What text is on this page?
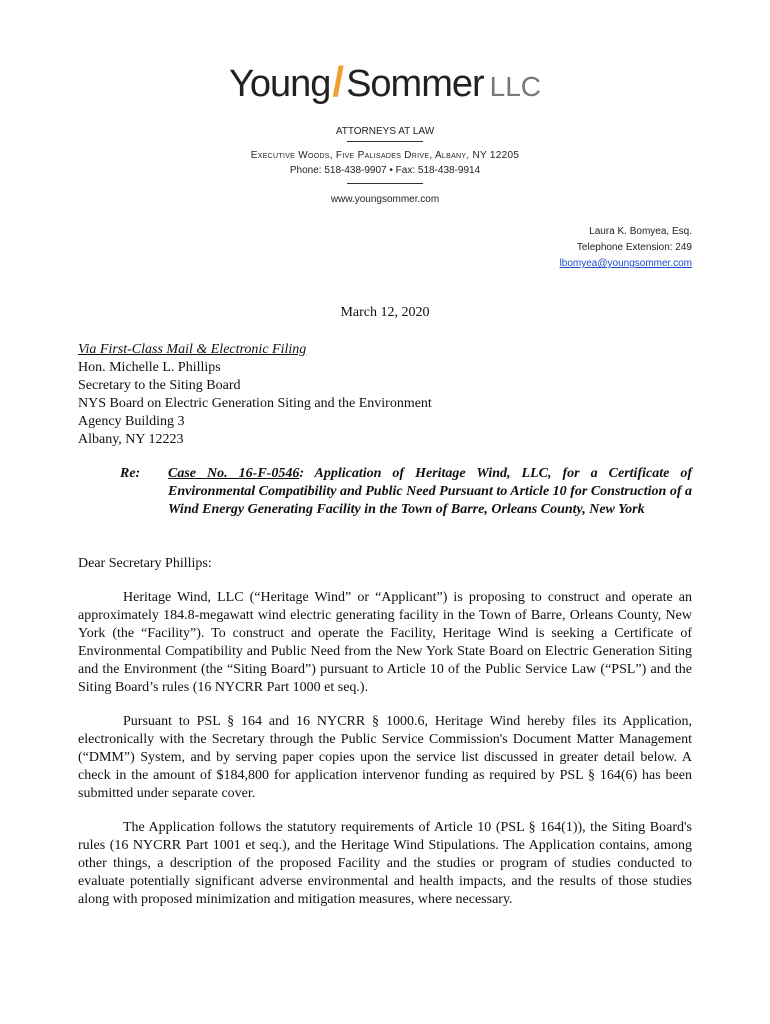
Young/Sommer LLC
ATTORNEYS AT LAW
Executive Woods, Five Palisades Drive, Albany, NY 12205
Phone: 518-438-9907 • Fax: 518-438-9914
www.youngsommer.com
Laura K. Bomyea, Esq.
Telephone Extension: 249
lbomyea@youngsommer.com
March 12, 2020
Via First-Class Mail & Electronic Filing
Hon. Michelle L. Phillips
Secretary to the Siting Board
NYS Board on Electric Generation Siting and the Environment
Agency Building 3
Albany, NY 12223
Re: Case No. 16-F-0546: Application of Heritage Wind, LLC, for a Certificate of Environmental Compatibility and Public Need Pursuant to Article 10 for Construction of a Wind Energy Generating Facility in the Town of Barre, Orleans County, New York
Dear Secretary Phillips:

Heritage Wind, LLC (“Heritage Wind” or “Applicant”) is proposing to construct and operate an approximately 184.8-megawatt wind electric generating facility in the Town of Barre, Orleans County, New York (the “Facility”). To construct and operate the Facility, Heritage Wind is seeking a Certificate of Environmental Compatibility and Public Need from the New York State Board on Electric Generation Siting and the Environment (the “Siting Board”) pursuant to Article 10 of the Public Service Law (“PSL”) and the Siting Board’s rules (16 NYCRR Part 1000 et seq.).

Pursuant to PSL § 164 and 16 NYCRR § 1000.6, Heritage Wind hereby files its Application, electronically with the Secretary through the Public Service Commission's Document Matter Management (“DMM”) System, and by serving paper copies upon the service list discussed in greater detail below. A check in the amount of $184,800 for application intervenor funding as required by PSL § 164(6) has been submitted under separate cover.

The Application follows the statutory requirements of Article 10 (PSL § 164(1)), the Siting Board's rules (16 NYCRR Part 1001 et seq.), and the Heritage Wind Stipulations. The Application contains, among other things, a description of the proposed Facility and the studies or program of studies conducted to evaluate potentially significant adverse environmental and health impacts, and the results of those studies along with proposed minimization and mitigation measures, where necessary.
